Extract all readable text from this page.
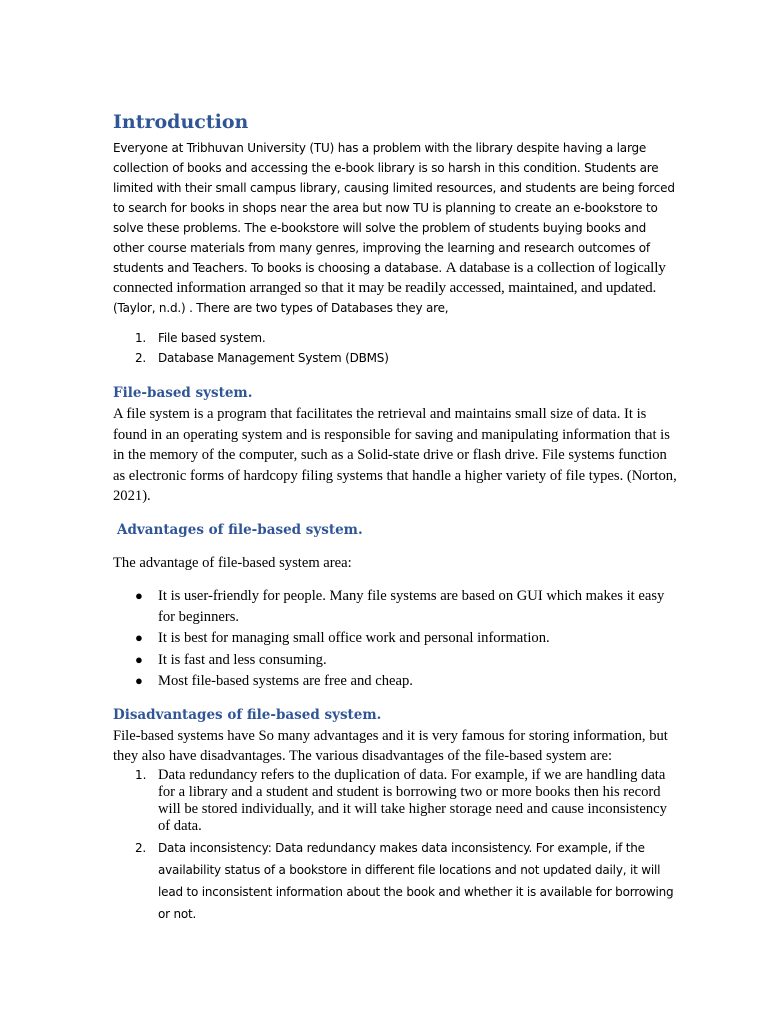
Introduction

Everyone at Tribhuvan University (TU) has a problem with the library despite having a large collection of books and accessing the e-book library is so harsh in this condition. Students are limited with their small campus library, causing limited resources, and students are being forced to search for books in shops near the area but now TU is planning to create an e-bookstore to solve these problems. The e-bookstore will solve the problem of students buying books and other course materials from many genres, improving the learning and research outcomes of students and Teachers. To books is choosing a database. A database is a collection of logically connected information arranged so that it may be readily accessed, maintained, and updated. (Taylor, n.d.) . There are two types of Databases they are,

1. File based system.
2. Database Management System (DBMS)
File-based system.

A file system is a program that facilitates the retrieval and maintains small size of data. It is found in an operating system and is responsible for saving and manipulating information that is in the memory of the computer, such as a Solid-state drive or flash drive. File systems function as electronic forms of hardcopy filing systems that handle a higher variety of file types. (Norton, 2021).

Advantages of file-based system.

The advantage of file-based system area:

● It is user-friendly for people. Many file systems are based on GUI which makes it easy for beginners.
● It is best for managing small office work and personal information.
● It is fast and less consuming.
● Most file-based systems are free and cheap.
Disadvantages of file-based system.

File-based systems have So many advantages and it is very famous for storing information, but they also have disadvantages. The various disadvantages of the file-based system are:

1. Data redundancy refers to the duplication of data. For example, if we are handling data for a library and a student and student is borrowing two or more books then his record will be stored individually, and it will take higher storage need and cause inconsistency of data.
2. Data inconsistency: Data redundancy makes data inconsistency. For example, if the availability status of a bookstore in different file locations and not updated daily, it will lead to inconsistent information about the book and whether it is available for borrowing or not.
